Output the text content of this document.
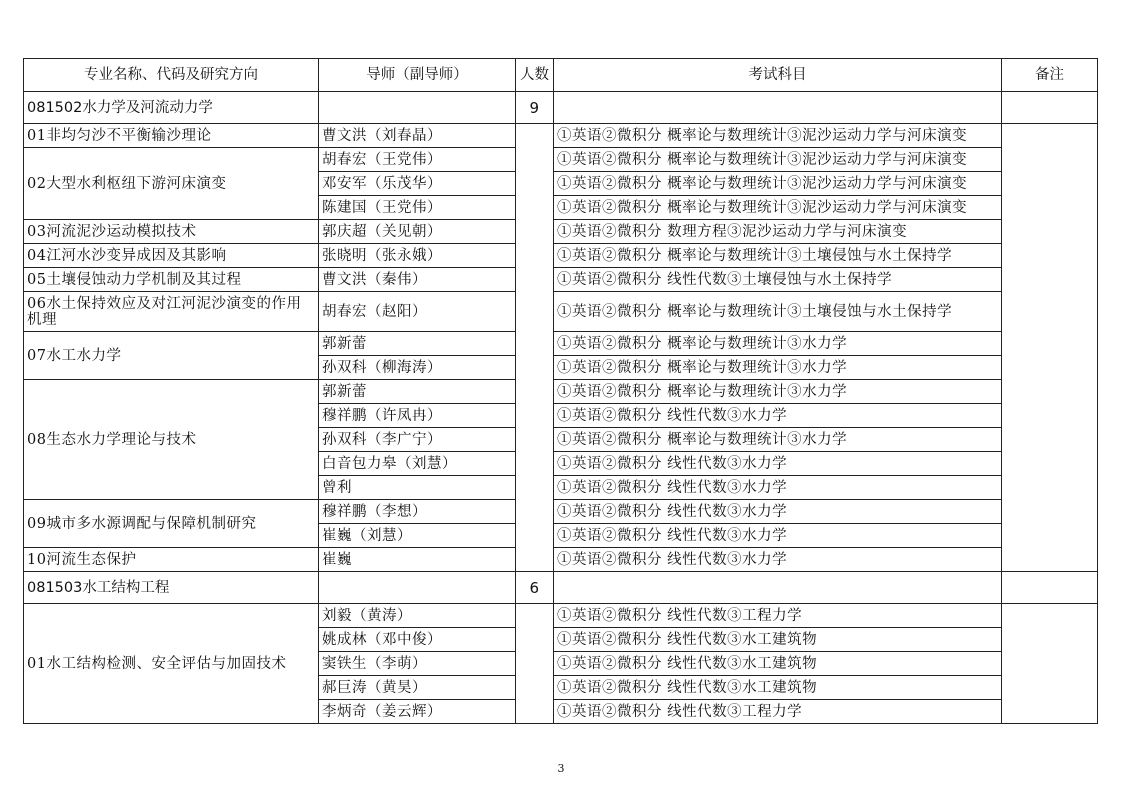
专业名称、代码及研究方向	导师（副导师）	人数	考试科目	备注
081502水力学及河流动力学		9		
01非均匀沙不平衡输沙理论	曹文洪（刘春晶）		①英语②微积分 概率论与数理统计③泥沙运动力学与河床演变	
02大型水利枢纽下游河床演变	胡春宏（王党伟）		①英语②微积分 概率论与数理统计③泥沙运动力学与河床演变	
	邓安军（乐茂华）		①英语②微积分 概率论与数理统计③泥沙运动力学与河床演变	
	陈建国（王党伟）		①英语②微积分 概率论与数理统计③泥沙运动力学与河床演变	
03河流泥沙运动模拟技术	郭庆超（关见朝）		①英语②微积分 数理方程③泥沙运动力学与河床演变	
04江河水沙变异成因及其影响	张晓明（张永娥）		①英语②微积分 概率论与数理统计③土壤侵蚀与水土保持学	
05土壤侵蚀动力学机制及其过程	曹文洪（秦伟）		①英语②微积分 线性代数③土壤侵蚀与水土保持学	
06水土保持效应及对江河泥沙演变的作用机理	胡春宏（赵阳）		①英语②微积分 概率论与数理统计③土壤侵蚀与水土保持学	
07水工水力学	郭新蕾		①英语②微积分 概率论与数理统计③水力学	
	孙双科（柳海涛）		①英语②微积分 概率论与数理统计③水力学	
08生态水力学理论与技术	郭新蕾		①英语②微积分 概率论与数理统计③水力学	
	穆祥鹏（许凤冉）		①英语②微积分 线性代数③水力学	
	孙双科（李广宁）		①英语②微积分 概率论与数理统计③水力学	
	白音包力皋（刘慧）		①英语②微积分 线性代数③水力学	
	曾利		①英语②微积分 线性代数③水力学	
09城市多水源调配与保障机制研究	穆祥鹏（李想）		①英语②微积分 线性代数③水力学	
	崔巍（刘慧）		①英语②微积分 线性代数③水力学	
10河流生态保护	崔巍		①英语②微积分 线性代数③水力学	
081503水工结构工程		6		
01水工结构检测、安全评估与加固技术	刘毅（黄涛）		①英语②微积分 线性代数③工程力学	
	姚成林（邓中俊）		①英语②微积分 线性代数③水工建筑物	
	窦铁生（李萌）		①英语②微积分 线性代数③水工建筑物	
	郝巨涛（黄昊）		①英语②微积分 线性代数③水工建筑物	
	李炳奇（姜云辉）		①英语②微积分 线性代数③工程力学	
3
